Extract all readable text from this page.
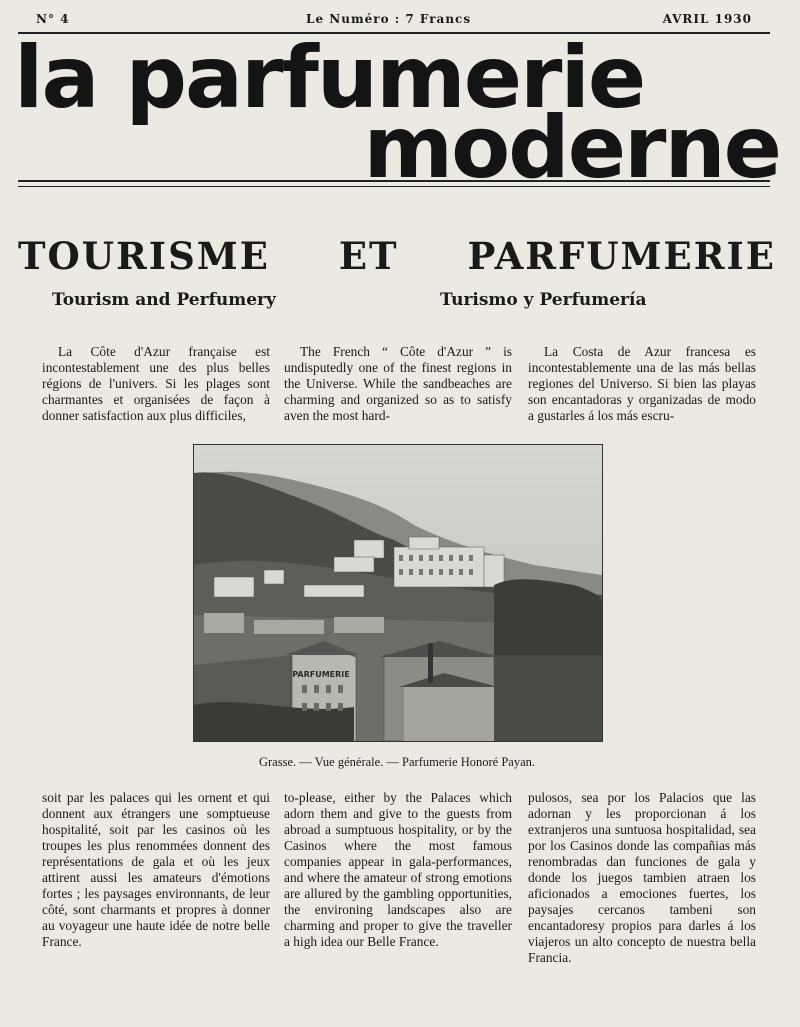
N° 4	Le Numéro : 7 Francs	AVRIL 1930
la parfumerie
moderne
TOURISME ET PARFUMERIE
Tourism and Perfumery	Turismo y Perfumería

La Côte d'Azur française est incontestablement une des plus belles régions de l'univers. Si les plages sont charmantes et organisées de façon à donner satisfaction aux plus difficiles,

The French “ Côte d'Azur ” is undisputedly one of the finest regions in the Universe. While the sandbeaches are charming and organized so as to satisfy aven the most hard-

La Costa de Azur francesa es incontestablemente una de las más bellas regiones del Universo. Si bien las playas son encantadoras y organizadas de modo a gustarles á los más escru-

PARFUMERIE
Grasse. — Vue générale. — Parfumerie Honoré Payan.

soit par les palaces qui les ornent et qui donnent aux étrangers une somptueuse hospitalité, soit par les casinos où les troupes les plus renommées donnent des représentations de gala et où les jeux attirent aussi les amateurs d'émotions fortes ; les paysages environnants, de leur côté, sont charmants et propres à donner au voyageur une haute idée de notre belle France.

to-please, either by the Palaces which adorn them and give to the guests from abroad a sumptuous hospitality, or by the Casinos where the most famous companies appear in gala-performances, and where the amateur of strong emotions are allured by the gambling opportunities, the environing landscapes also are charming and proper to give the traveller a high idea our Belle France.

pulosos, sea por los Palacios que las adornan y les proporcionan á los extranjeros una suntuosa hospitalidad, sea por los Casinos donde las compañias más renombradas dan funciones de gala y donde los juegos tambien atraen los aficionados a emociones fuertes, los paysajes cercanos tambeni son encantadoresy propios para darles á los viajeros un alto concepto de nuestra bella Francia.
